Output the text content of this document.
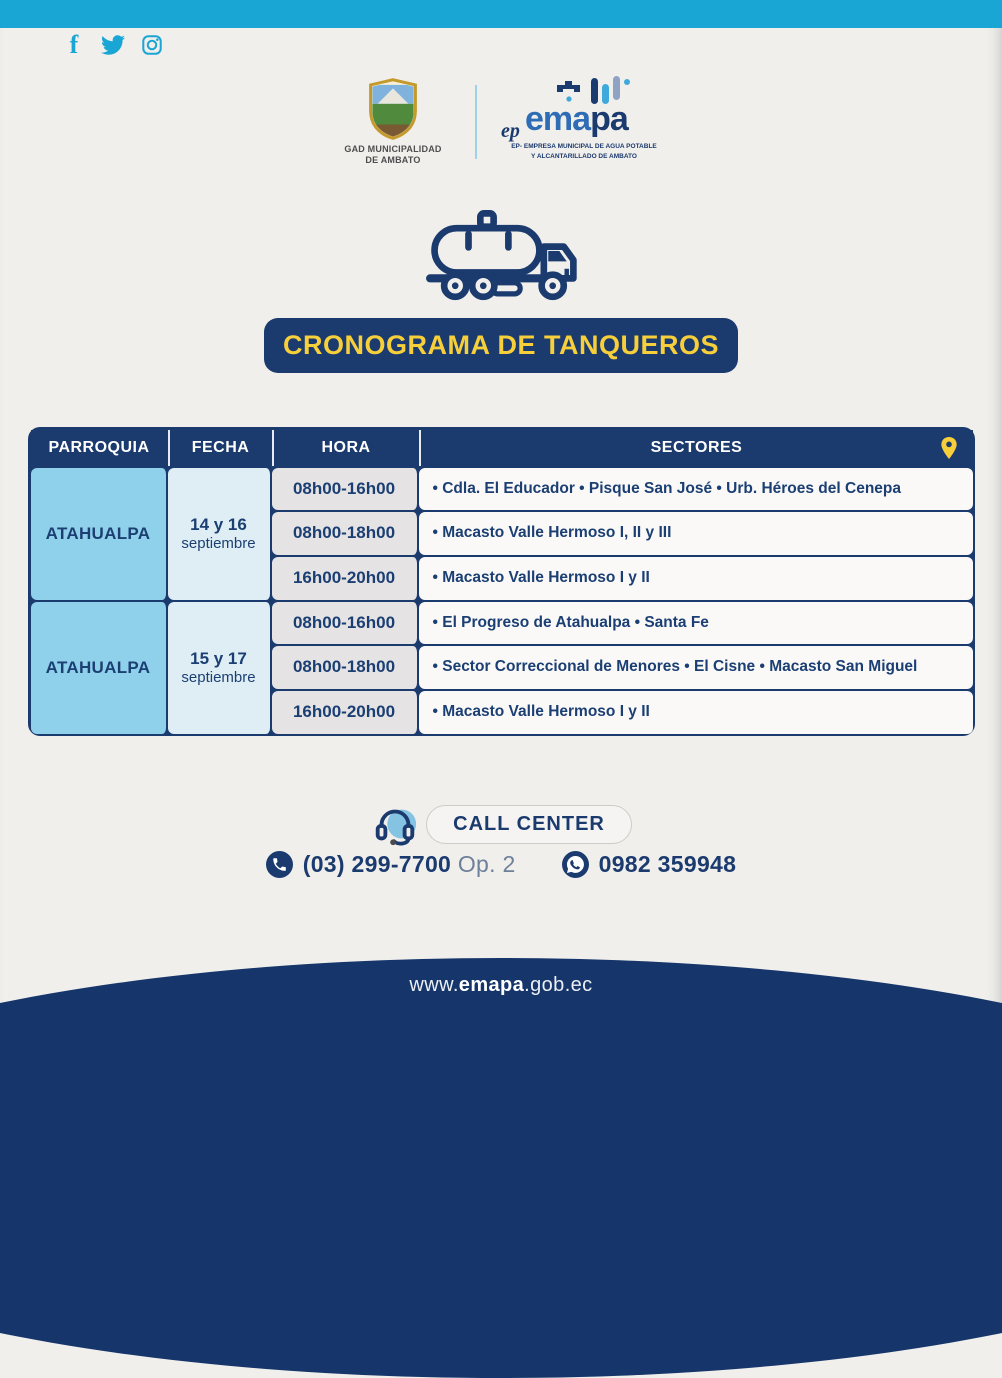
f
GAD MUNICIPALIDAD
DE AMBATO
emapa
ep
EP- EMPRESA MUNICIPAL DE AGUA POTABLE
Y ALCANTARILLADO DE AMBATO
CRONOGRAMA DE TANQUEROS
PARROQUIA	FECHA	HORA	SECTORES
ATAHUALPA	14 y 16
septiembre
08h00-16h00	• Cdla. El Educador • Pisque San José • Urb. Héroes del Cenepa
08h00-18h00	• Macasto Valle Hermoso I, II y III
16h00-20h00	• Macasto Valle Hermoso I y II
ATAHUALPA	15 y 17
septiembre
08h00-16h00	• El Progreso de Atahualpa • Santa Fe
08h00-18h00	• Sector Correccional de Menores • El Cisne • Macasto San Miguel
16h00-20h00	• Macasto Valle Hermoso I y II
CALL CENTER
(03) 299-7700 Op. 2	0982 359948
www.emapa.gob.ec
